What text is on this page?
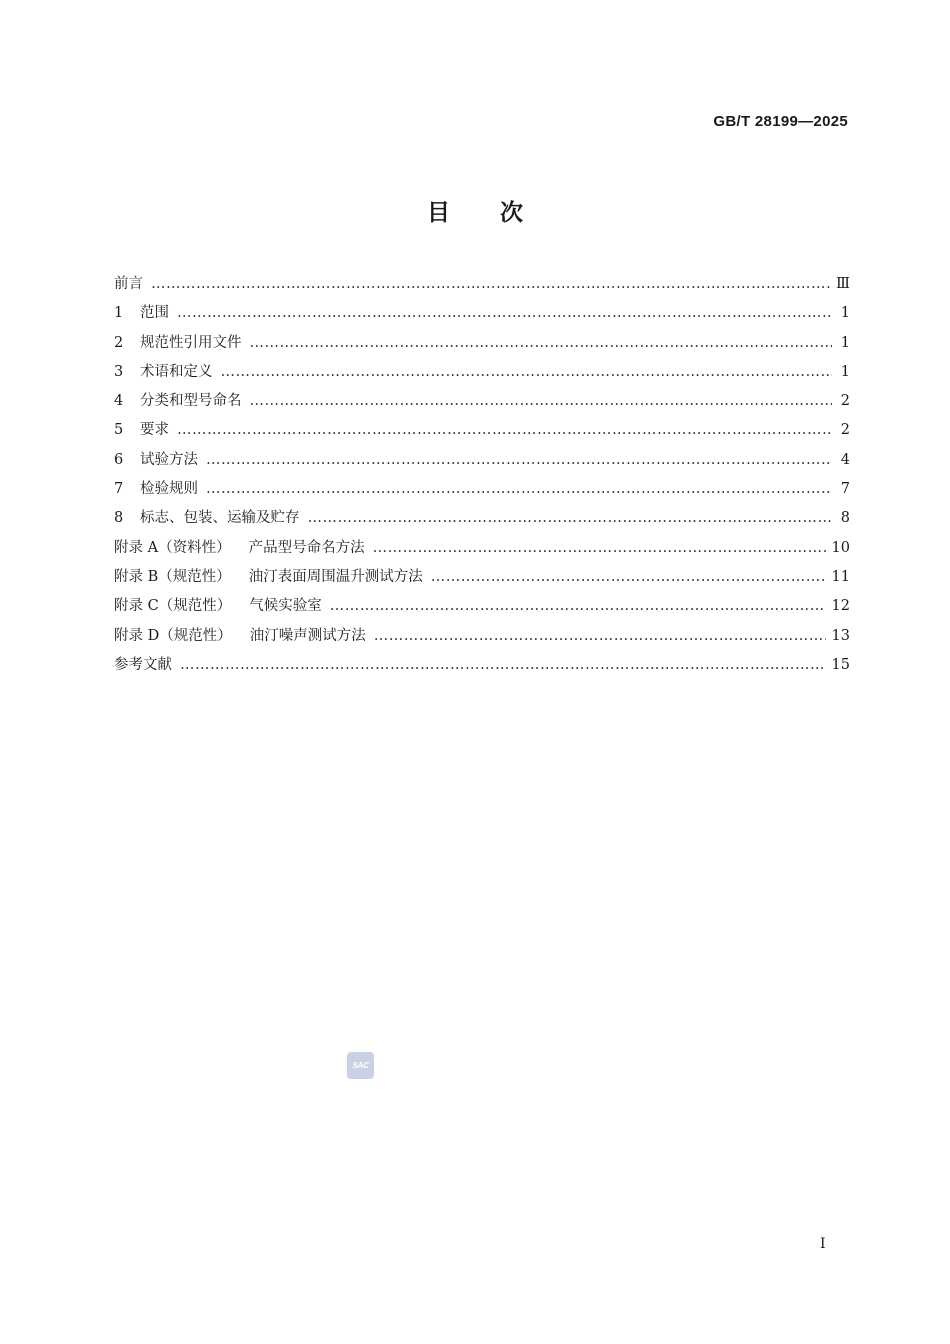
GB/T 28199—2025
目次
前言 ………………………………………………………………………………………………………………………………………………………………………………………………………………	Ⅲ
1	范围 ………………………………………………………………………………………………………………………………………………………………………………………………………………	1
2	规范性引用文件 ………………………………………………………………………………………………………………………………………………………………………………………………………………	1
3	术语和定义 ………………………………………………………………………………………………………………………………………………………………………………………………………………	1
4	分类和型号命名 ………………………………………………………………………………………………………………………………………………………………………………………………………………	2
5	要求 ………………………………………………………………………………………………………………………………………………………………………………………………………………	2
6	试验方法 ………………………………………………………………………………………………………………………………………………………………………………………………………………	4
7	检验规则 ………………………………………………………………………………………………………………………………………………………………………………………………………………	7
8	标志、包装、运输及贮存 ………………………………………………………………………………………………………………………………………………………………………………………………………………	8
附录 A（资料性） 产品型号命名方法 ………………………………………………………………………………………………………………………………………………………………………………………………………………	10
附录 B（规范性） 油汀表面周围温升测试方法 ………………………………………………………………………………………………………………………………………………………………………………………………………………	11
附录 C（规范性） 气候实验室 ………………………………………………………………………………………………………………………………………………………………………………………………………………	12
附录 D（规范性） 油汀噪声测试方法 ………………………………………………………………………………………………………………………………………………………………………………………………………………	13
参考文献 ………………………………………………………………………………………………………………………………………………………………………………………………………………	15
SAC
I
